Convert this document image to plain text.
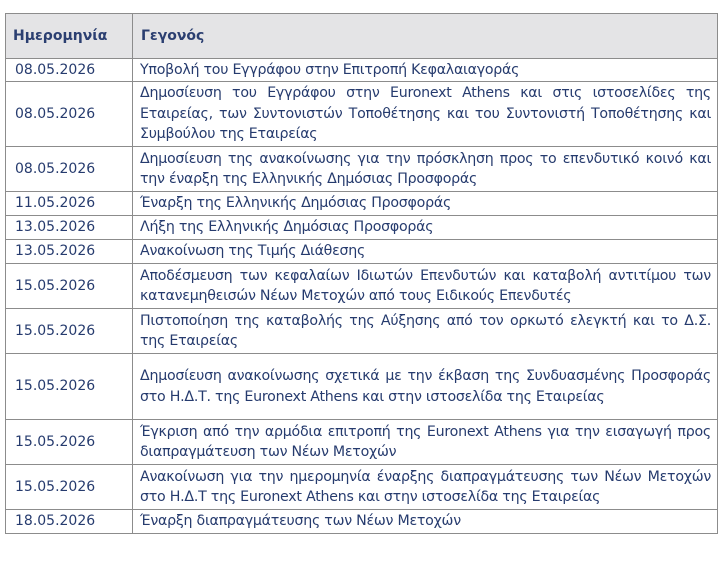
Ημερομηνία	Γεγονός
08.05.2026	Υποβολή του Εγγράφου στην Επιτροπή Κεφαλαιαγοράς
08.05.2026	Δημοσίευση του Εγγράφου στην Euronext Athens και στις ιστοσελίδες της Εταιρείας, των Συντονιστών Τοποθέτησης και του Συντονιστή Τοποθέτησης και Συμβούλου της Εταιρείας
08.05.2026	Δημοσίευση της ανακοίνωσης για την πρόσκληση προς το επενδυτικό κοινό και την έναρξη της Ελληνικής Δημόσιας Προσφοράς
11.05.2026	Έναρξη της Ελληνικής Δημόσιας Προσφοράς
13.05.2026	Λήξη της Ελληνικής Δημόσιας Προσφοράς
13.05.2026	Ανακοίνωση της Τιμής Διάθεσης
15.05.2026	Αποδέσμευση των κεφαλαίων Ιδιωτών Επενδυτών και καταβολή αντιτίμου των κατανεμηθεισών Νέων Μετοχών από τους Ειδικούς Επενδυτές
15.05.2026	Πιστοποίηση της καταβολής της Αύξησης από τον ορκωτό ελεγκτή και το Δ.Σ. της Εταιρείας
15.05.2026	Δημοσίευση ανακοίνωσης σχετικά με την έκβαση της Συνδυασμένης Προσφοράς στο Η.Δ.Τ. της Euronext Athens και στην ιστοσελίδα της Εταιρείας
15.05.2026	Έγκριση από την αρμόδια επιτροπή της Euronext Athens για την εισαγωγή προς διαπραγμάτευση των Νέων Μετοχών
15.05.2026	Ανακοίνωση για την ημερομηνία έναρξης διαπραγμάτευσης των Νέων Μετοχών στο Η.Δ.Τ της Euronext Athens και στην ιστοσελίδα της Εταιρείας
18.05.2026	Έναρξη διαπραγμάτευσης των Νέων Μετοχών
